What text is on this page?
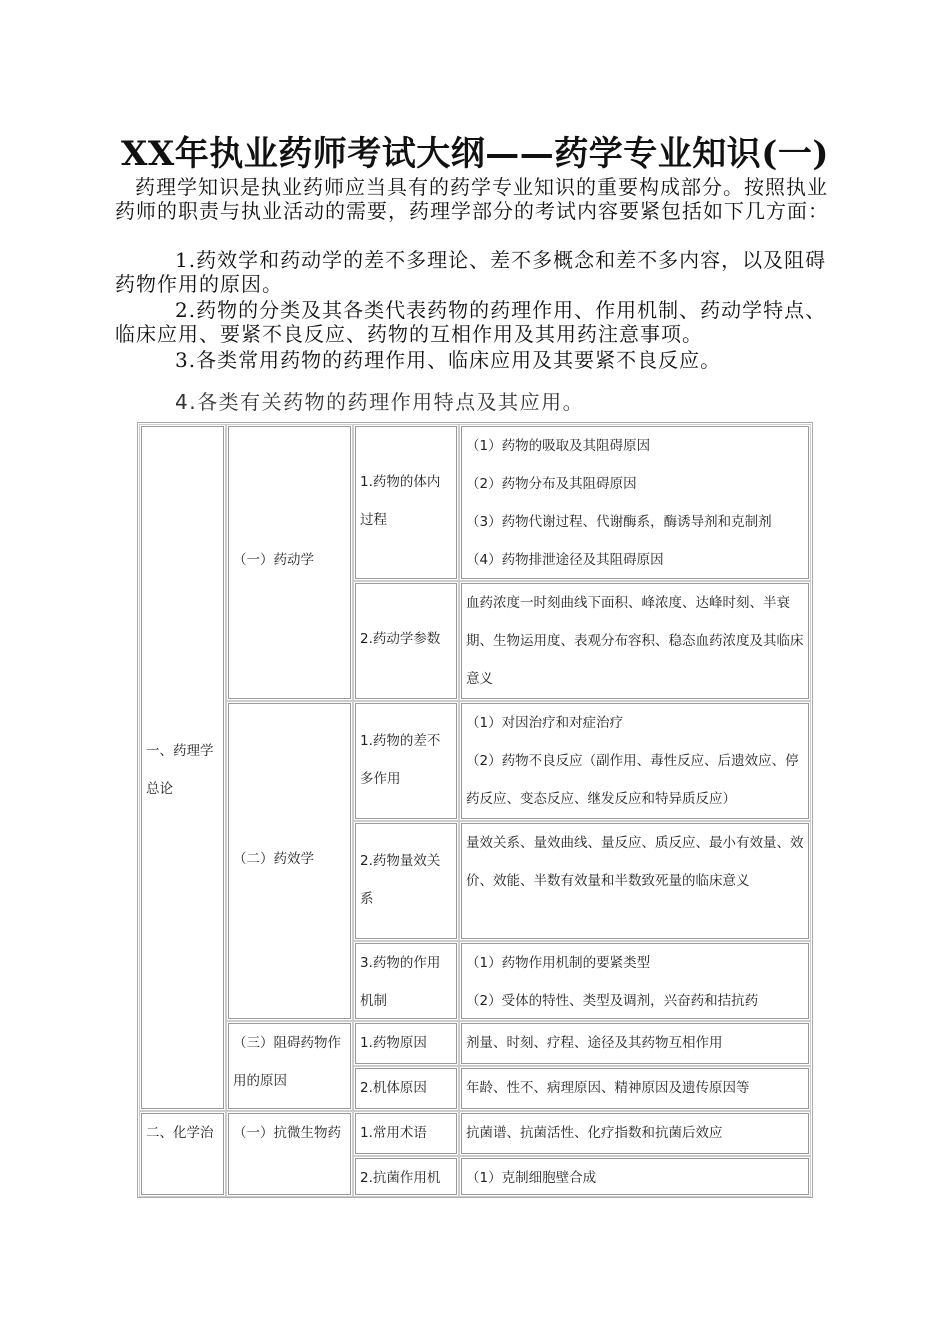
XX年执业药师考试大纲——药学专业知识(一)
药理学知识是执业药师应当具有的药学专业知识的重要构成部分。按照执业药师的职责与执业活动的需要，药理学部分的考试内容要紧包括如下几方面：
1.药效学和药动学的差不多理论、差不多概念和差不多内容，以及阻碍药物作用的原因。
2.药物的分类及其各类代表药物的药理作用、作用机制、药动学特点、临床应用、要紧不良反应、药物的互相作用及其用药注意事项。
3.各类常用药物的药理作用、临床应用及其要紧不良反应。
4.各类有关药物的药理作用特点及其应用。
一、药理学总论
二、化学治
（一）药动学
（二）药效学
（三）阻碍药物作用的原因
（一）抗微生物药
1.药物的体内过程
2.药动学参数
1.药物的差不多作用
2.药物量效关系
3.药物的作用机制
1.药物原因
2.机体原因
1.常用术语
2.抗菌作用机
（1）药物的吸取及其阻碍原因
（2）药物分布及其阻碍原因
（3）药物代谢过程、代谢酶系，酶诱导剂和克制剂
（4）药物排泄途径及其阻碍原因
血药浓度一时刻曲线下面积、峰浓度、达峰时刻、半衰期、生物运用度、表观分布容积、稳态血药浓度及其临床意义
（1）对因治疗和对症治疗
（2）药物不良反应（副作用、毒性反应、后遗效应、停药反应、变态反应、继发反应和特异质反应）
量效关系、量效曲线、量反应、质反应、最小有效量、效价、效能、半数有效量和半数致死量的临床意义
（1）药物作用机制的要紧类型
（2）受体的特性、类型及调剂，兴奋药和拮抗药
剂量、时刻、疗程、途径及其药物互相作用
年龄、性不、病理原因、精神原因及遗传原因等
抗菌谱、抗菌活性、化疗指数和抗菌后效应
（1）克制细胞壁合成
